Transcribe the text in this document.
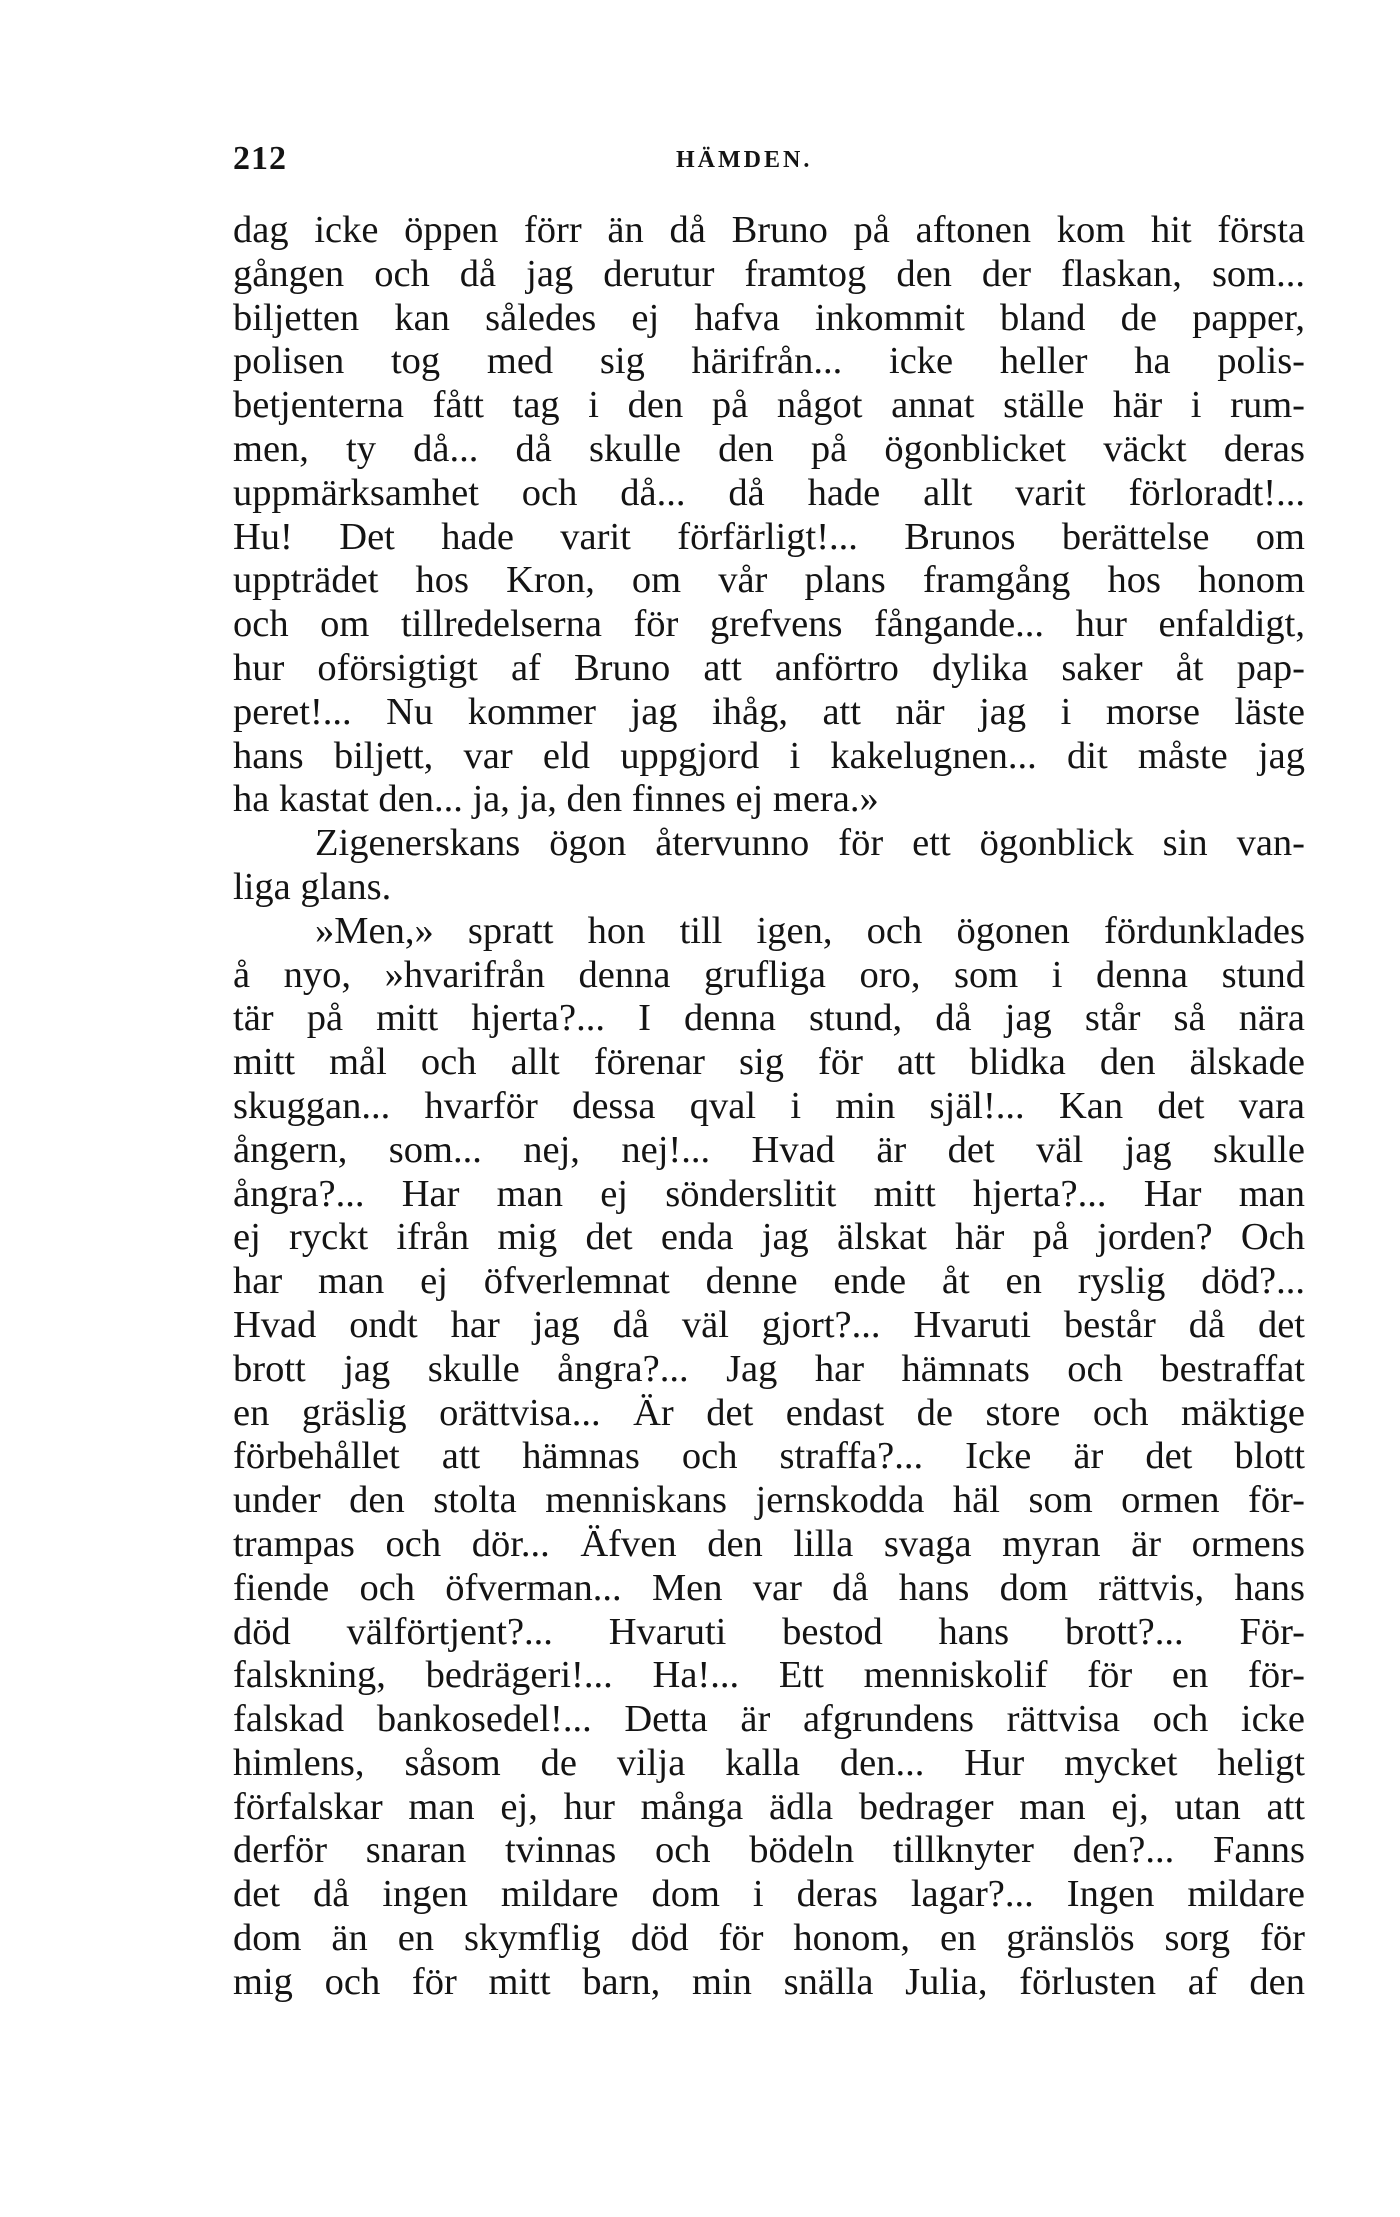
212	HÄMDEN.
dag icke öppen förr än då Bruno på aftonen kom hit första
gången och då jag derutur framtog den der flaskan, som...
biljetten kan således ej hafva inkommit bland de papper,
polisen tog med sig härifrån... icke heller ha polis-
betjenterna fått tag i den på något annat ställe här i rum-
men, ty då... då skulle den på ögonblicket väckt deras
uppmärksamhet och då... då hade allt varit förloradt!...
Hu! Det hade varit förfärligt!... Brunos berättelse om
uppträdet hos Kron, om vår plans framgång hos honom
och om tillredelserna för grefvens fångande... hur enfaldigt,
hur oförsigtigt af Bruno att anförtro dylika saker åt pap-
peret!... Nu kommer jag ihåg, att när jag i morse läste
hans biljett, var eld uppgjord i kakelugnen... dit måste jag
ha kastat den... ja, ja, den finnes ej mera.»
Zigenerskans ögon återvunno för ett ögonblick sin van-
liga glans.
»Men,» spratt hon till igen, och ögonen fördunklades
å nyo, »hvarifrån denna grufliga oro, som i denna stund
tär på mitt hjerta?... I denna stund, då jag står så nära
mitt mål och allt förenar sig för att blidka den älskade
skuggan... hvarför dessa qval i min själ!... Kan det vara
ångern, som... nej, nej!... Hvad är det väl jag skulle
ångra?... Har man ej sönderslitit mitt hjerta?... Har man
ej ryckt ifrån mig det enda jag älskat här på jorden? Och
har man ej öfverlemnat denne ende åt en ryslig död?...
Hvad ondt har jag då väl gjort?... Hvaruti består då det
brott jag skulle ångra?... Jag har hämnats och bestraffat
en gräslig orättvisa... Är det endast de store och mäktige
förbehållet att hämnas och straffa?... Icke är det blott
under den stolta menniskans jernskodda häl som ormen för-
trampas och dör... Äfven den lilla svaga myran är ormens
fiende och öfverman... Men var då hans dom rättvis, hans
död välförtjent?... Hvaruti bestod hans brott?... För-
falskning, bedrägeri!... Ha!... Ett menniskolif för en för-
falskad bankosedel!... Detta är afgrundens rättvisa och icke
himlens, såsom de vilja kalla den... Hur mycket heligt
förfalskar man ej, hur många ädla bedrager man ej, utan att
derför snaran tvinnas och bödeln tillknyter den?... Fanns
det då ingen mildare dom i deras lagar?... Ingen mildare
dom än en skymflig död för honom, en gränslös sorg för
mig och för mitt barn, min snälla Julia, förlusten af den
